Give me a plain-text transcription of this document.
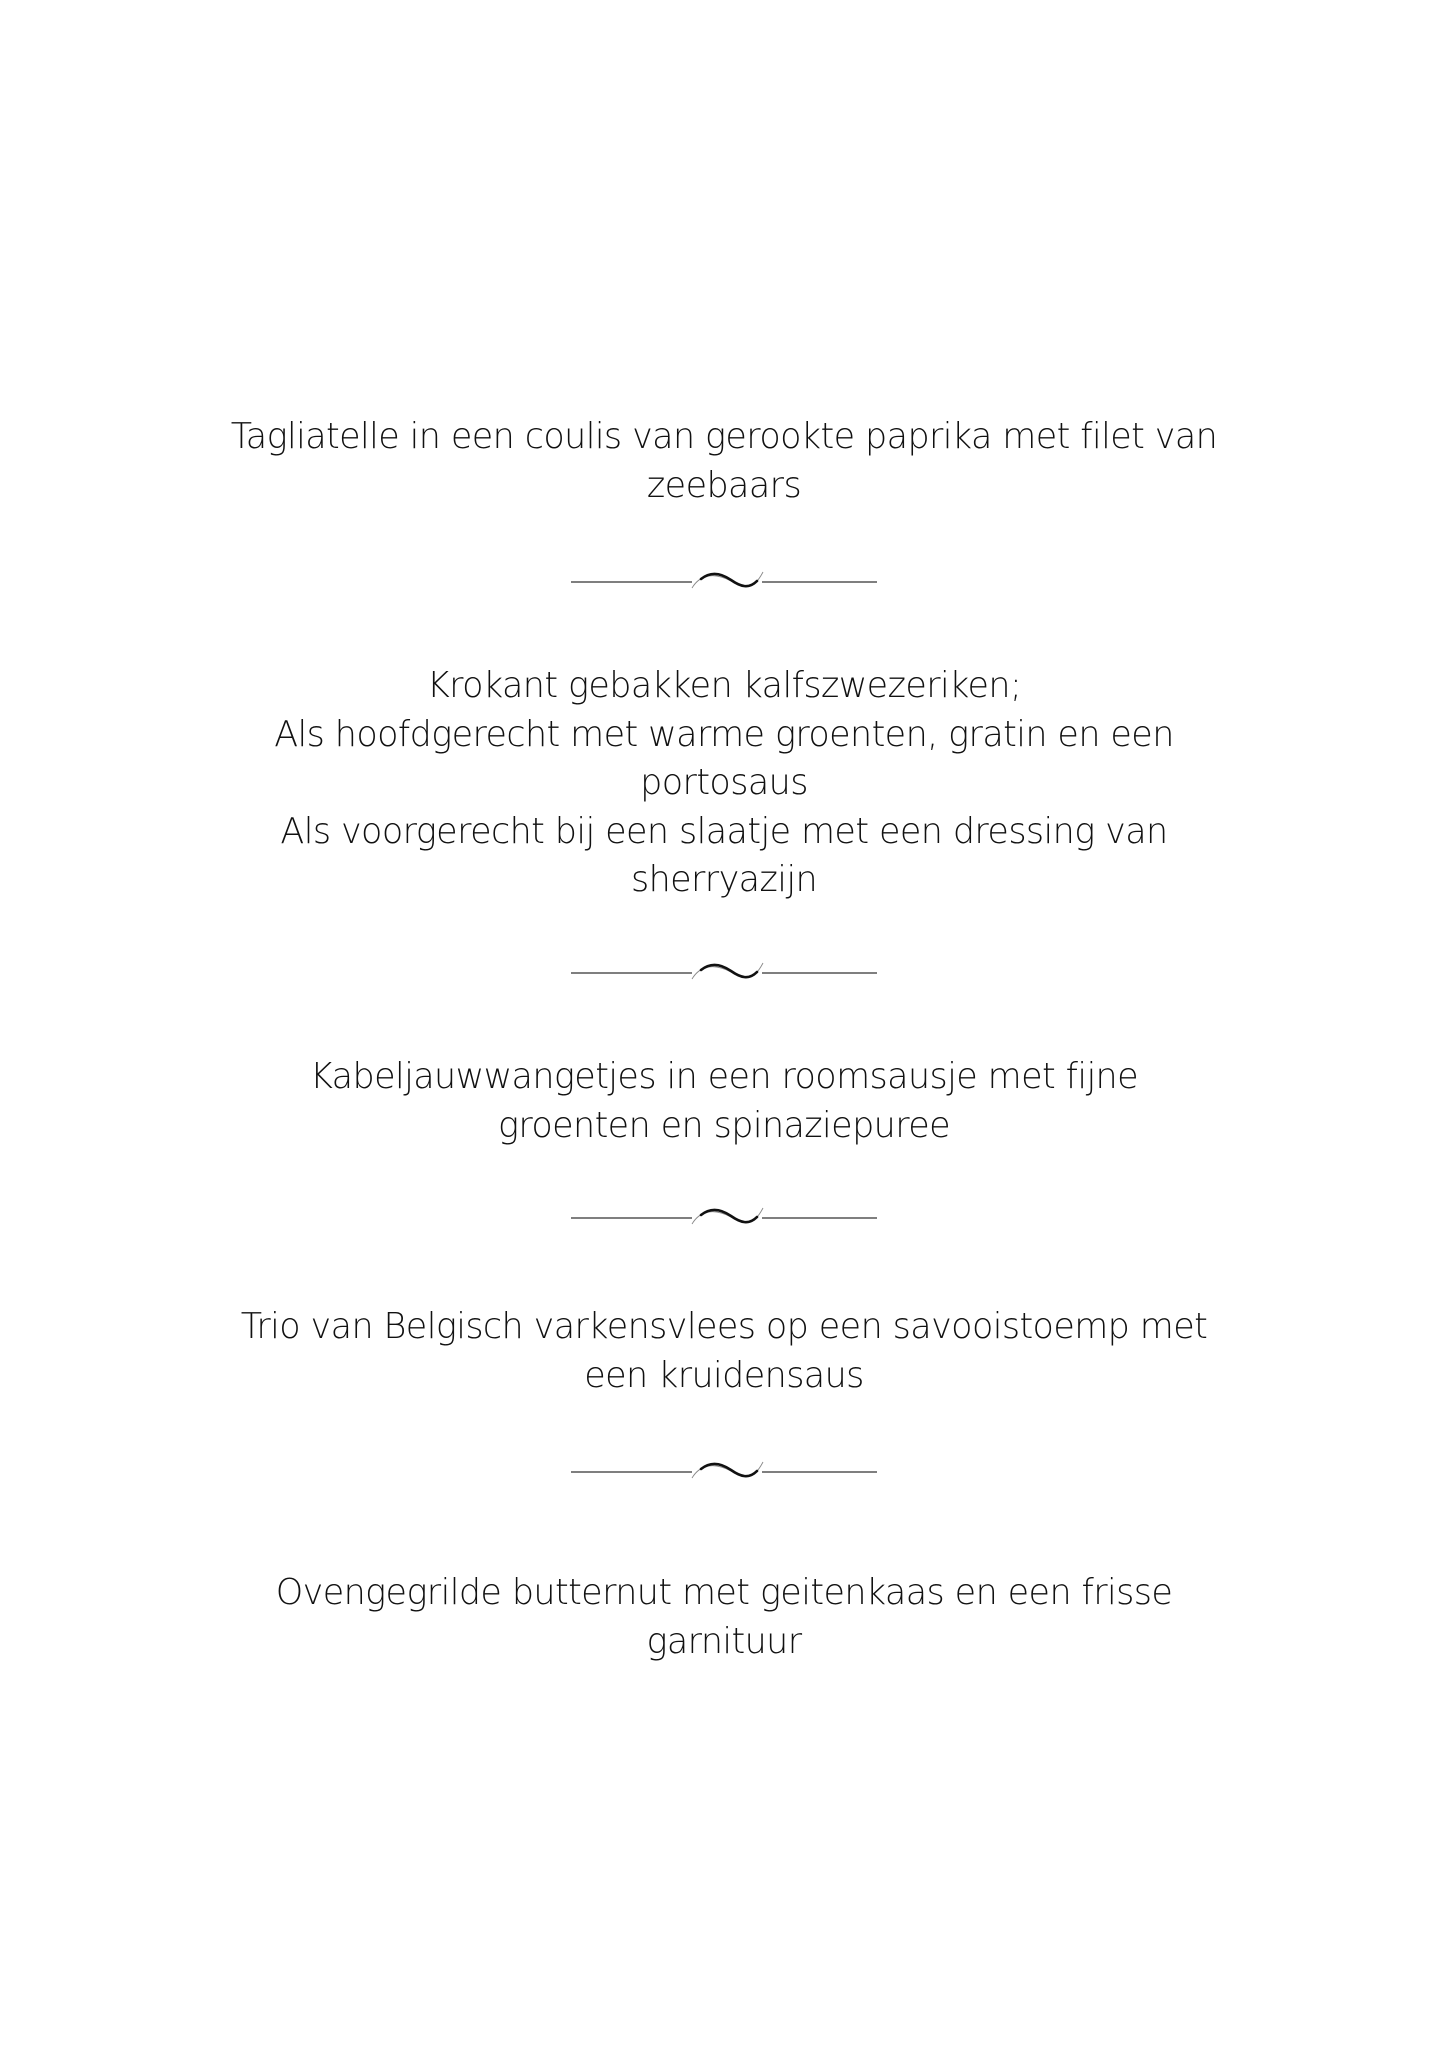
Tagliatelle in een coulis van gerookte paprika met filet van
zeebaars
Krokant gebakken kalfszwezeriken;
Als hoofdgerecht met warme groenten, gratin en een
portosaus
Als voorgerecht bij een slaatje met een dressing van
sherryazijn
Kabeljauwwangetjes in een roomsausje met fijne
groenten en spinaziepuree
Trio van Belgisch varkensvlees op een savooistoemp met
een kruidensaus
Ovengegrilde butternut met geitenkaas en een frisse
garnituur
